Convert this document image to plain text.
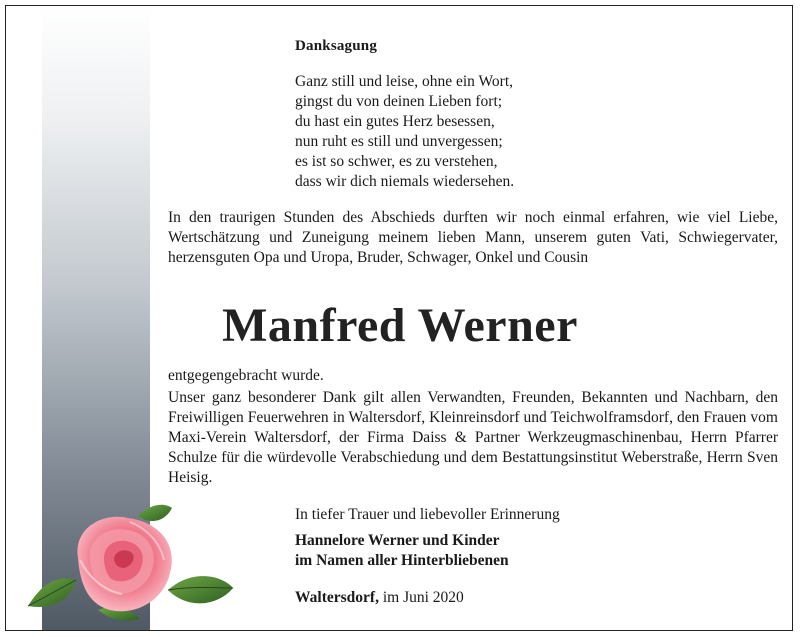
Danksagung
Ganz still und leise, ohne ein Wort,
gingst du von deinen Lieben fort;
du hast ein gutes Herz besessen,
nun ruht es still und unvergessen;
es ist so schwer, es zu verstehen,
dass wir dich niemals wiedersehen.
In den traurigen Stunden des Abschieds durften wir noch einmal erfahren, wie viel Liebe, Wertschätzung und Zuneigung meinem lieben Mann, unserem guten Vati, Schwiegervater, herzensguten Opa und Uropa, Bruder, Schwager, Onkel und Cousin
Manfred Werner
entgegengebracht wurde.
Unser ganz besonderer Dank gilt allen Verwandten, Freunden, Bekannten und Nachbarn, den Freiwilligen Feuerwehren in Waltersdorf, Kleinreinsdorf und Teichwolframsdorf, den Frauen vom Maxi-Verein Waltersdorf, der Firma Daiss & Partner Werkzeugmaschinenbau, Herrn Pfarrer Schulze für die würdevolle Verabschiedung und dem Bestattungsinstitut Weberstraße, Herrn Sven Heisig.
In tiefer Trauer und liebevoller Erinnerung
Hannelore Werner und Kinder
im Namen aller Hinterbliebenen
Waltersdorf, im Juni 2020
